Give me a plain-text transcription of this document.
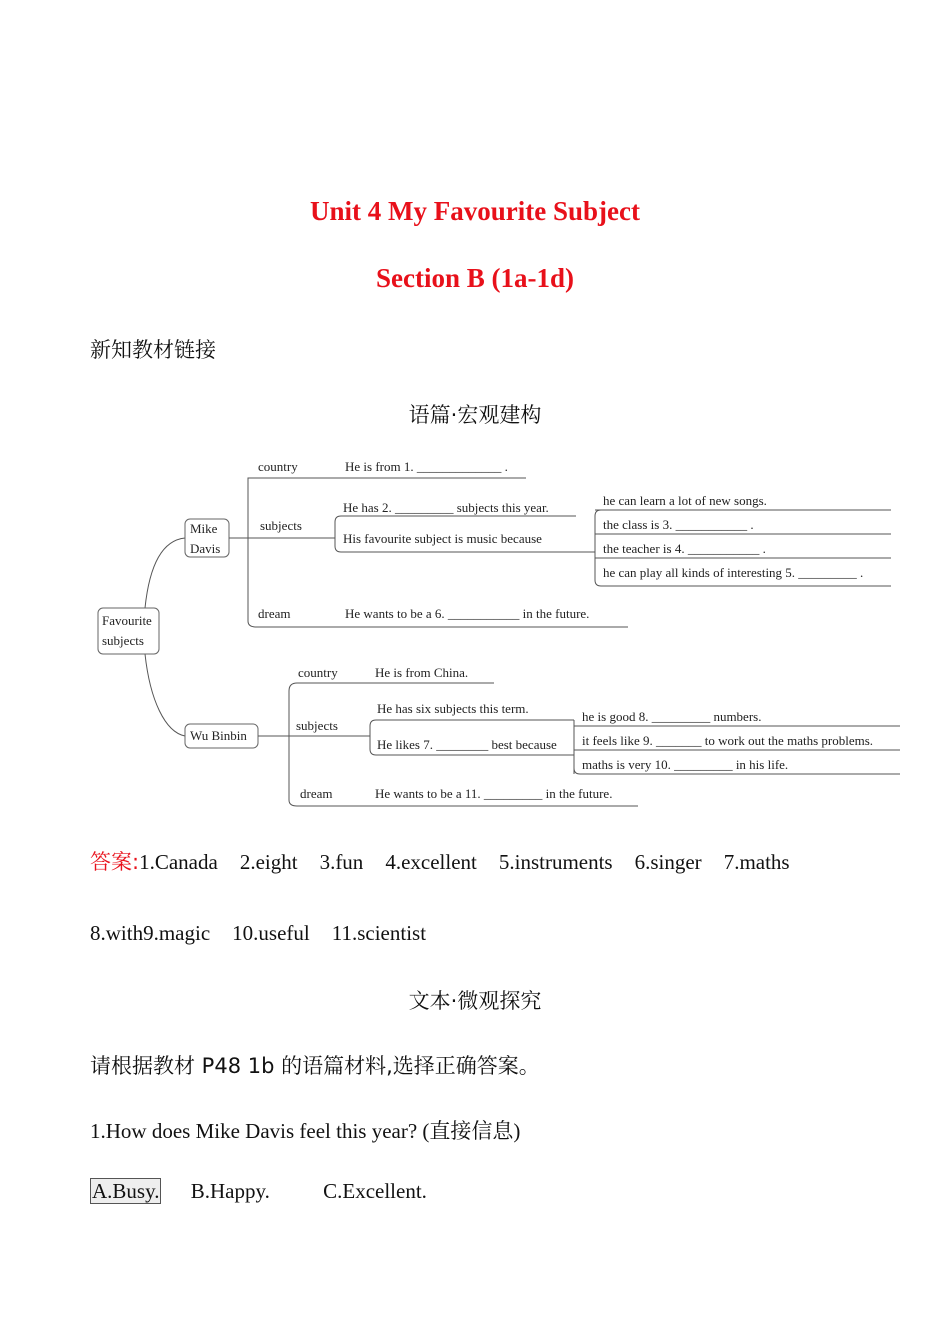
Unit 4 My Favourite Subject
Section B (1a-1d)
新知教材链接
语篇·宏观建构
Favourite
subjects
Mike
Davis
country	He is from 1. _____________ .
subjects
He has 2. _________ subjects this year.
His favourite subject is music because
dream	He wants to be a 6. ___________ in the future.
he can learn a lot of new songs.
the class is 3. ___________ .
the teacher is 4. ___________ .
he can play all kinds of interesting 5. _________ .
Wu Binbin
country	He is from China.
subjects
He has six subjects this term.
He likes 7. ________ best because
dream	He wants to be a 11. _________ in the future.
he is good 8. _________ numbers.
it feels like 9. _______ to work out the maths problems.
maths is very 10. _________ in his life.
答案:1.Canada 2.eight 3.fun 4.excellent 5.instruments 6.singer 7.maths
8.with9.magic 10.useful 11.scientist
文本·微观探究
请根据教材 P48 1b 的语篇材料,选择正确答案。
1.How does Mike Davis feel this year? (直接信息)
A.Busy. B.Happy.	C.Excellent.
